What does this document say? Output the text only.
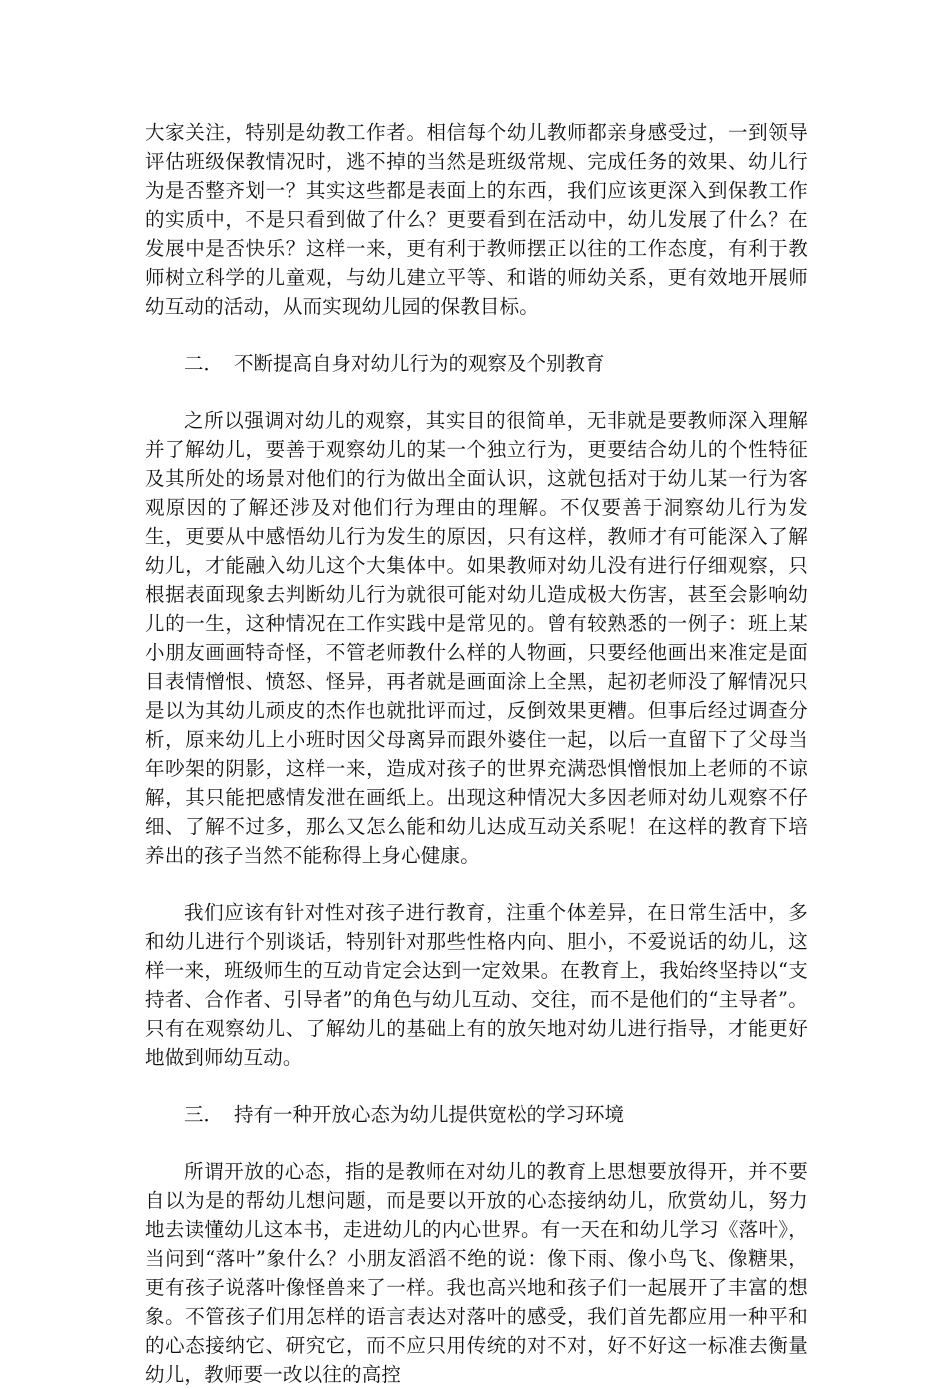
大家关注，特别是幼教工作者。相信每个幼儿教师都亲身感受过，一到领导评估班级保教情况时，逃不掉的当然是班级常规、完成任务的效果、幼儿行为是否整齐划一？其实这些都是表面上的东西，我们应该更深入到保教工作的实质中，不是只看到做了什么？更要看到在活动中，幼儿发展了什么？在发展中是否快乐？这样一来，更有利于教师摆正以往的工作态度，有利于教师树立科学的儿童观，与幼儿建立平等、和谐的师幼关系，更有效地开展师幼互动的活动，从而实现幼儿园的保教目标。

二． 不断提高自身对幼儿行为的观察及个别教育

之所以强调对幼儿的观察，其实目的很简单，无非就是要教师深入理解并了解幼儿，要善于观察幼儿的某一个独立行为，更要结合幼儿的个性特征及其所处的场景对他们的行为做出全面认识，这就包括对于幼儿某一行为客观原因的了解还涉及对他们行为理由的理解。不仅要善于洞察幼儿行为发生，更要从中感悟幼儿行为发生的原因，只有这样，教师才有可能深入了解幼儿，才能融入幼儿这个大集体中。如果教师对幼儿没有进行仔细观察，只根据表面现象去判断幼儿行为就很可能对幼儿造成极大伤害，甚至会影响幼儿的一生，这种情况在工作实践中是常见的。曾有较熟悉的一例子：班上某小朋友画画特奇怪，不管老师教什么样的人物画，只要经他画出来准定是面目表情憎恨、愤怒、怪异，再者就是画面涂上全黑，起初老师没了解情况只是以为其幼儿顽皮的杰作也就批评而过，反倒效果更糟。但事后经过调查分析，原来幼儿上小班时因父母离异而跟外婆住一起，以后一直留下了父母当年吵架的阴影，这样一来，造成对孩子的世界充满恐惧憎恨加上老师的不谅解，其只能把感情发泄在画纸上。出现这种情况大多因老师对幼儿观察不仔细、了解不过多，那么又怎么能和幼儿达成互动关系呢！在这样的教育下培养出的孩子当然不能称得上身心健康。

我们应该有针对性对孩子进行教育，注重个体差异，在日常生活中，多和幼儿进行个别谈话，特别针对那些性格内向、胆小，不爱说话的幼儿，这样一来，班级师生的互动肯定会达到一定效果。在教育上，我始终坚持以“支持者、合作者、引导者”的角色与幼儿互动、交往，而不是他们的“主导者”。只有在观察幼儿、了解幼儿的基础上有的放矢地对幼儿进行指导，才能更好地做到师幼互动。

三． 持有一种开放心态为幼儿提供宽松的学习环境

所谓开放的心态，指的是教师在对幼儿的教育上思想要放得开，并不要自以为是的帮幼儿想问题，而是要以开放的心态接纳幼儿，欣赏幼儿，努力地去读懂幼儿这本书，走进幼儿的内心世界。有一天在和幼儿学习《落叶》，当问到“落叶”象什么？小朋友滔滔不绝的说：像下雨、像小鸟飞、像糖果，更有孩子说落叶像怪兽来了一样。我也高兴地和孩子们一起展开了丰富的想象。不管孩子们用怎样的语言表达对落叶的感受，我们首先都应用一种平和的心态接纳它、研究它，而不应只用传统的对不对，好不好这一标准去衡量幼儿，教师要一改以往的高控
